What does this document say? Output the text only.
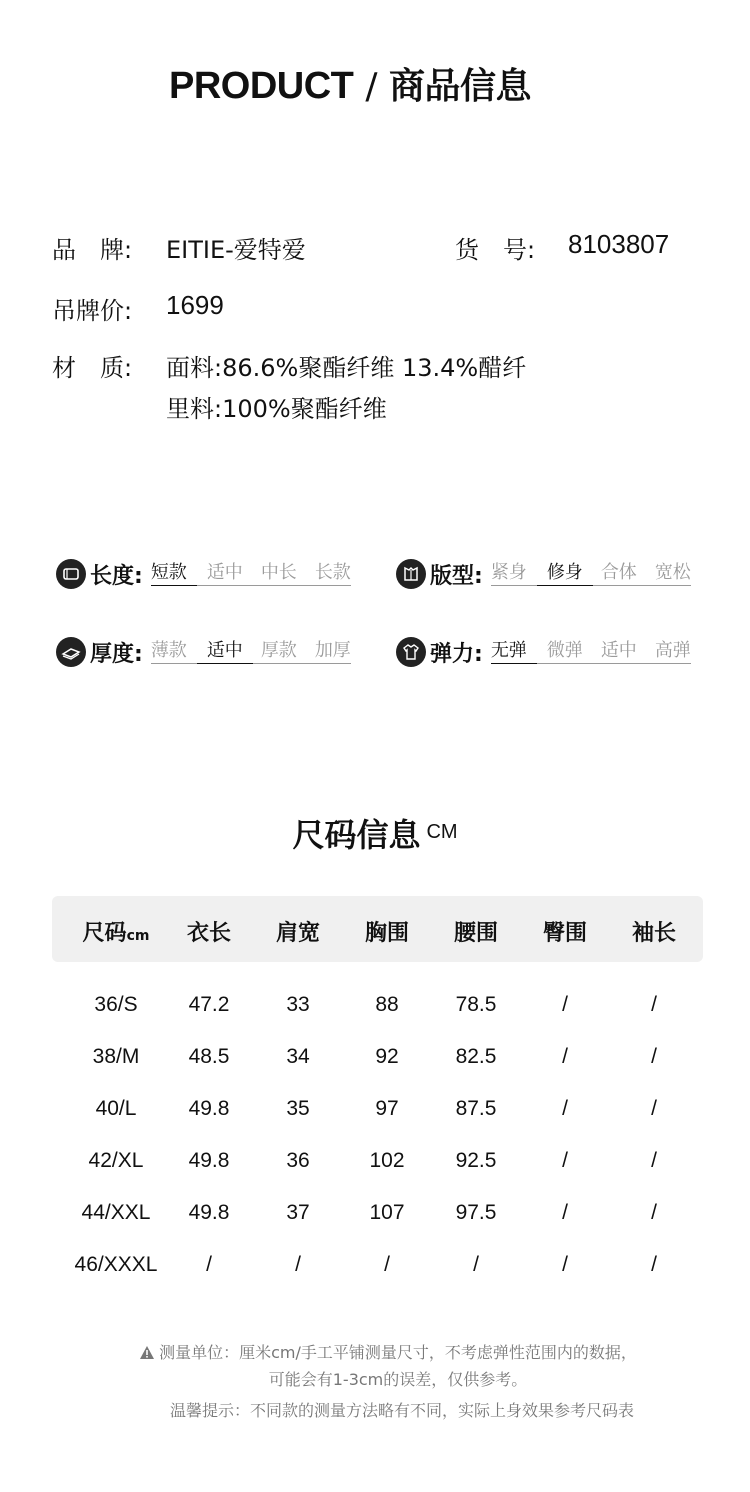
PRODUCT / 商品信息
品　牌: EITIE-爱特爱	货　号: 8103807
吊牌价: 1699
材　质: 面料:86.6%聚酯纤维 13.4%醋纤
里料:100%聚酯纤维
长度: 短款	适中	中长	长款	版型: 紧身	修身	合体	宽松
厚度: 薄款	适中	厚款	加厚	弹力: 无弹	微弹	适中	高弹
尺码信息 CM
尺码cm	衣长	肩宽	胸围	腰围	臀围	袖长
36/S	47.2	33	88	78.5	/	/
38/M	48.5	34	92	82.5	/	/
40/L	49.8	35	97	87.5	/	/
42/XL	49.8	36	102	92.5	/	/
44/XXL	49.8	37	107	97.5	/	/
46/XXXL	/	/	/	/	/	/
测量单位：厘米cm/手工平铺测量尺寸，不考虑弹性范围内的数据，
可能会有1-3cm的误差，仅供参考。
温馨提示：不同款的测量方法略有不同，实际上身效果参考尺码表
